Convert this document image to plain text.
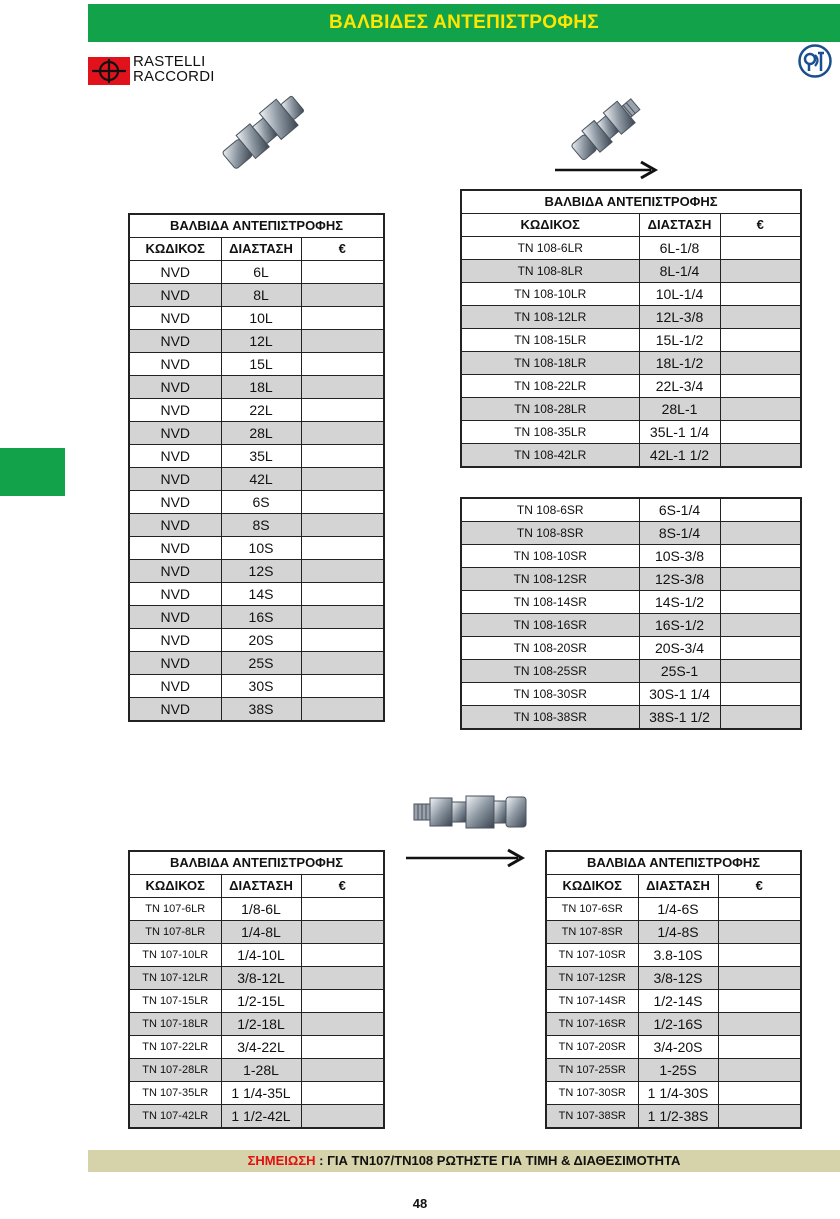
ΒΑΛΒΙΔΕΣ ΑΝΤΕΠΙΣΤΡΟΦΗΣ
RASTELLI
RACCORDI
ΒΑΛΒΙΔΑ ΑΝΤΕΠΙΣΤΡΟΦΗΣ		
ΚΩΔΙΚΟΣ	ΔΙΑΣΤΑΣΗ	€
NVD	6L	
NVD	8L	
NVD	10L	
NVD	12L	
NVD	15L	
NVD	18L	
NVD	22L	
NVD	28L	
NVD	35L	
NVD	42L	
NVD	6S	
NVD	8S	
NVD	10S	
NVD	12S	
NVD	14S	
NVD	16S	
NVD	20S	
NVD	25S	
NVD	30S	
NVD	38S	
ΒΑΛΒΙΔΑ ΑΝΤΕΠΙΣΤΡΟΦΗΣ		
ΚΩΔΙΚΟΣ	ΔΙΑΣΤΑΣΗ	€
TN 108-6LR	6L-1/8	
TN 108-8LR	8L-1/4	
TN 108-10LR	10L-1/4	
TN 108-12LR	12L-3/8	
TN 108-15LR	15L-1/2	
TN 108-18LR	18L-1/2	
TN 108-22LR	22L-3/4	
TN 108-28LR	28L-1	
TN 108-35LR	35L-1 1/4	
TN 108-42LR	42L-1 1/2	
TN 108-6SR	6S-1/4	
TN 108-8SR	8S-1/4	
TN 108-10SR	10S-3/8	
TN 108-12SR	12S-3/8	
TN 108-14SR	14S-1/2	
TN 108-16SR	16S-1/2	
TN 108-20SR	20S-3/4	
TN 108-25SR	25S-1	
TN 108-30SR	30S-1 1/4	
TN 108-38SR	38S-1 1/2	
ΒΑΛΒΙΔΑ ΑΝΤΕΠΙΣΤΡΟΦΗΣ		
ΚΩΔΙΚΟΣ	ΔΙΑΣΤΑΣΗ	€
TN 107-6LR	1/8-6L	
TN 107-8LR	1/4-8L	
TN 107-10LR	1/4-10L	
TN 107-12LR	3/8-12L	
TN 107-15LR	1/2-15L	
TN 107-18LR	1/2-18L	
TN 107-22LR	3/4-22L	
TN 107-28LR	1-28L	
TN 107-35LR	1 1/4-35L	
TN 107-42LR	1 1/2-42L	
ΒΑΛΒΙΔΑ ΑΝΤΕΠΙΣΤΡΟΦΗΣ		
ΚΩΔΙΚΟΣ	ΔΙΑΣΤΑΣΗ	€
TN 107-6SR	1/4-6S	
TN 107-8SR	1/4-8S	
TN 107-10SR	3.8-10S	
TN 107-12SR	3/8-12S	
TN 107-14SR	1/2-14S	
TN 107-16SR	1/2-16S	
TN 107-20SR	3/4-20S	
TN 107-25SR	1-25S	
TN 107-30SR	1 1/4-30S	
TN 107-38SR	1 1/2-38S	
ΣΗΜΕΙΩΣΗ : ΓΙΑ ΤΝ107/ΤΝ108 ΡΩΤΗΣΤΕ ΓΙΑ ΤΙΜΗ & ΔΙΑΘΕΣΙΜΟΤΗΤΑ
48
